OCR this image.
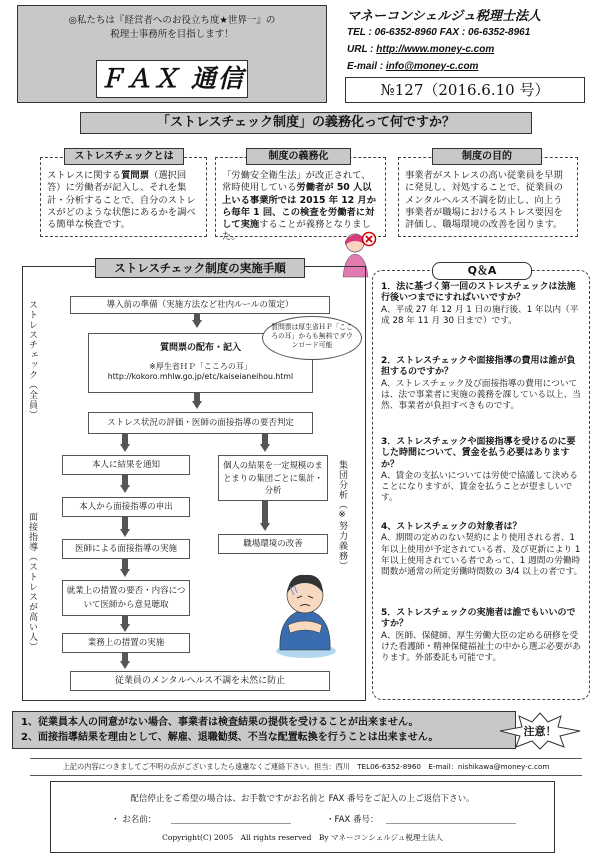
◎私たちは『経営者へのお役立ち度★世界一』の
税理士事務所を目指します！
ＦＡＸ 通信
マネーコンシェルジュ税理士法人
TEL : 06-6352-8960 FAX : 06-6352-8961
URL : http://www.money-c.com
E-mail : info@money-c.com
№127（2016.6.10 号）
「ストレスチェック制度」の義務化って何ですか？
ストレスに関する質問票（選択回答）に労働者が記入し、それを集計・分析することで、自分のストレスがどのような状態にあるかを調べる簡単な検査です。
ストレスチェックとは
「労働安全衛生法」が改正されて、常時使用している労働者が 50 人以上いる事業所では 2015 年 12 月から毎年 1 回、この検査を労働者に対して実施することが義務となりました。
制度の義務化
事業者がストレスの高い従業員を早期に発見し、対処することで、従業員のメンタルヘルス不調を防止し、向上う事業者が職場におけるストレス要因を評価し、職場環境の改善を図ります。
制度の目的
ストレスチェック制度の実施手順
ストレスチェック（全員）
面接指導（ストレスが高い人）	集団分析（※努力義務）
導入前の準備（実施方法など社内ルールの策定）
質問票の配布・記入
※厚生省ＨＰ「こころの耳」
http://kokoro.mhlw.go.jp/etc/kaiseianeihou.html
質問票は厚生省ＨＰ「こころの耳」からも無料でダウンロード可能
ストレス状況の評価・医師の面接指導の要否判定
本人に結果を通知	個人の結果を一定規模のまとまりの集団ごとに集計・分析
本人から面接指導の申出
職場環境の改善
医師による面接指導の実施
就業上の措置の要否・内容について医師から意見聴取
業務上の措置の実施
従業員のメンタルヘルス不調を未然に防止
Q＆A
1．法に基づく第一回のストレスチェックは法施行後いつまでにすればいいですか？
A、平成 27 年 12 月 1 日の施行後、1 年以内（平成 28 年 11 月 30 日まで）です。
2．ストレスチェックや面接指導の費用は誰が負担するのですか？
A、ストレスチェック及び面接指導の費用については、法で事業者に実施の義務を課している以上、当然、事業者が負担すべきものです。
3．ストレスチェックや面接指導を受けるのに要した時間について、賃金を払う必要はありますか？
A、賃金の支払いについては労使で協議して決めることになりますが、賃金を払うことが望ましいです。
4、ストレスチェックの対象者は？
A、期間の定めのない契約により使用される者、1 年以上使用が予定されている者、及び更新により 1 年以上使用されている者であって、1 週間の労働時間数が通常の所定労働時間数の 3/4 以上の者です。
5．ストレスチェックの実施者は誰でもいいのですか？
A、医師、保健師、厚生労働大臣の定める研修を受けた看護師・精神保健福祉士の中から選ぶ必要があります。外部委託も可能です。
1、従業員本人の同意がない場合、事業者は検査結果の提供を受けることが出来ません。
2、面接指導結果を理由として、解雇、退職勧奨、不当な配置転換を行うことは出来ません。	注意！
上記の内容につきましてご不明の点がございましたら遠慮なくご連絡下さい。担当：西川　TEL06-6352-8960　E-mail：nishikawa@money-c.com
配信停止をご希望の場合は、お手数ですがお名前と FAX 番号をご記入の上ご返信下さい。
・ お名前：	・FAX 番号：
Copyright(C) 2005　All rights reserved　By マネーコンシェルジュ税理士法人
